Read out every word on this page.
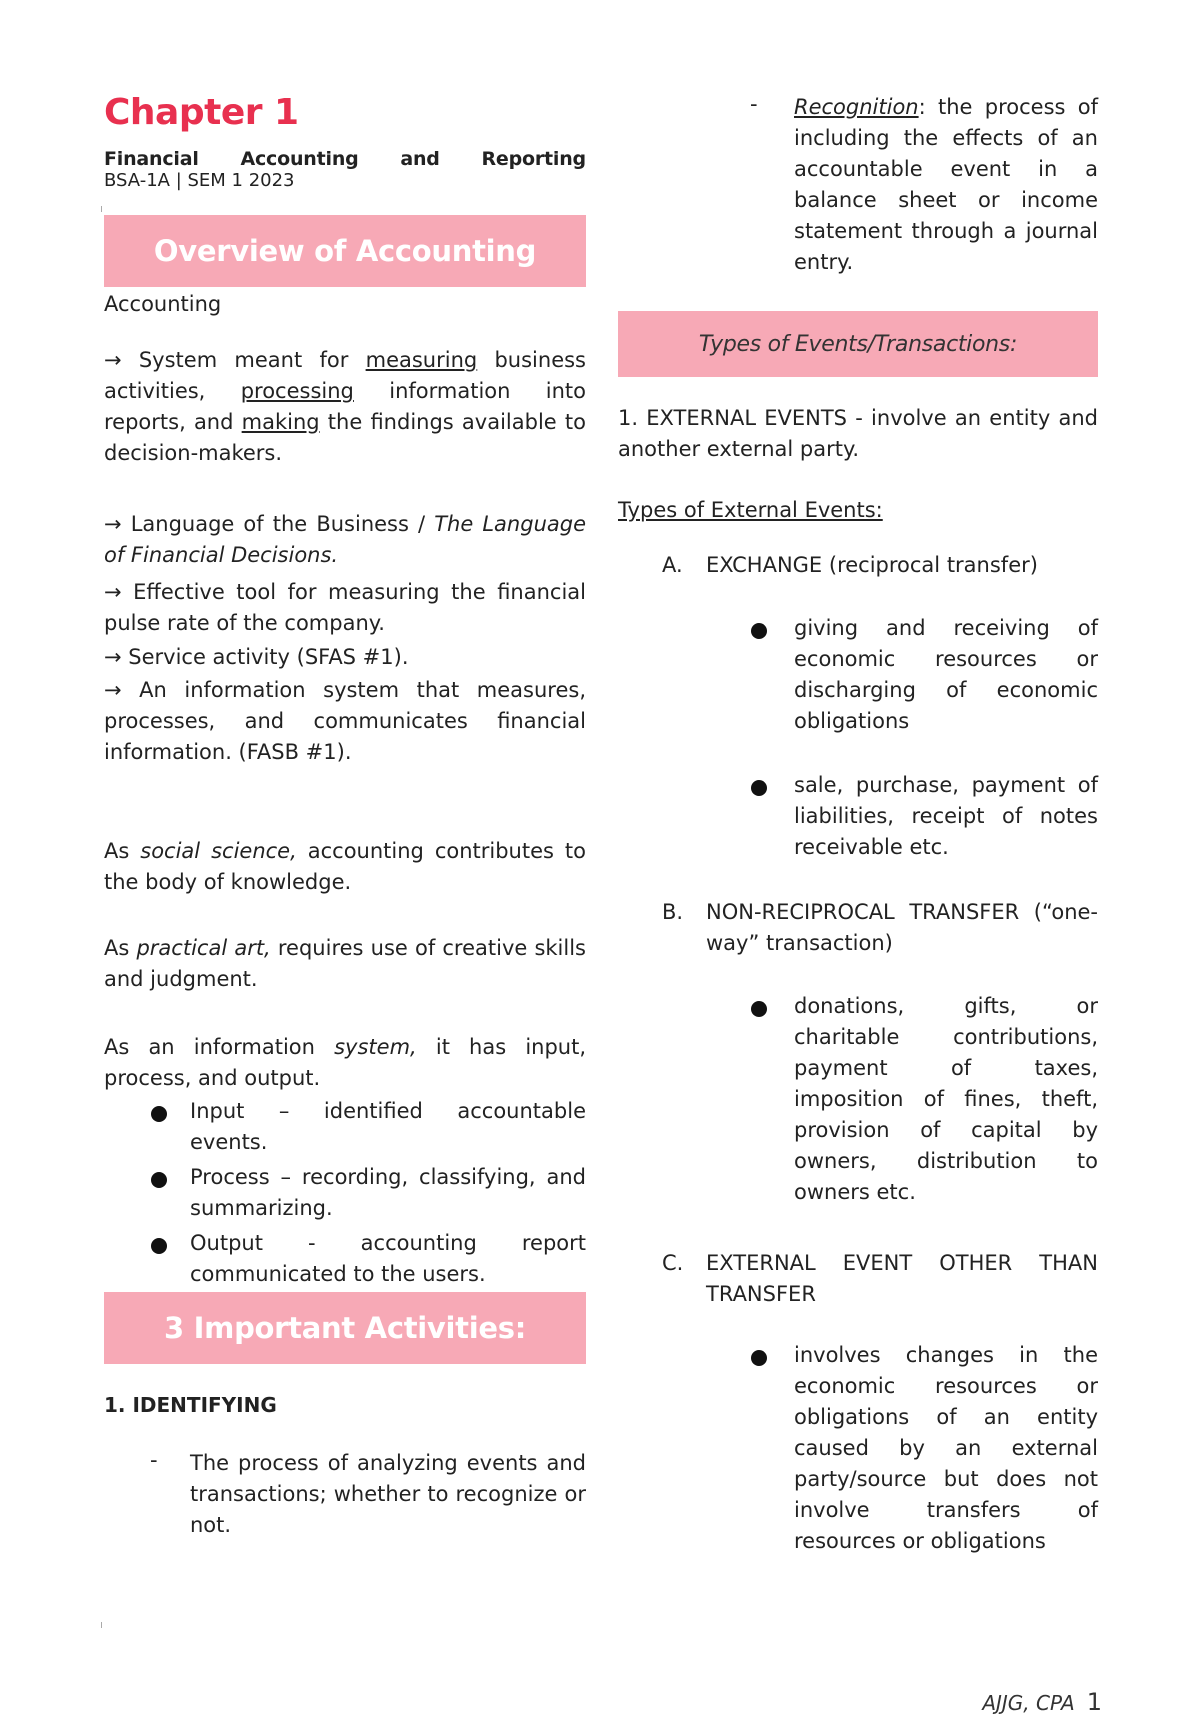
Chapter 1
Financial Accounting and Reporting
BSA-1A | SEM 1 2023
Overview of Accounting
Accounting
→ System meant for measuring business activities, processing information into reports, and making the findings available to decision-makers.
→ Language of the Business / The Language of Financial Decisions.
→ Effective tool for measuring the financial pulse rate of the company.
→ Service activity (SFAS #1).
→ An information system that measures, processes, and communicates financial information. (FASB #1).
As social science, accounting contributes to the body of knowledge.
As practical art, requires use of creative skills and judgment.
As an information system, it has input, process, and output.
Input – identified accountable events.
Process – recording, classifying, and summarizing.
Output - accounting report communicated to the users.
3 Important Activities:
1. IDENTIFYING
- The process of analyzing events and transactions; whether to recognize or not.
- Recognition: the process of including the effects of an accountable event in a balance sheet or income statement through a journal entry.
Types of Events/Transactions:
1. EXTERNAL EVENTS - involve an entity and another external party.
Types of External Events:
A. EXCHANGE (reciprocal transfer)
giving and receiving of economic resources or discharging of economic obligations
sale, purchase, payment of liabilities, receipt of notes receivable etc.
B. NON-RECIPROCAL TRANSFER (“one-way” transaction)
donations, gifts, or charitable contributions, payment of taxes, imposition of fines, theft, provision of capital by owners, distribution to owners etc.
C. EXTERNAL EVENT OTHER THAN TRANSFER
involves changes in the economic resources or obligations of an entity caused by an external party/source but does not involve transfers of resources or obligations
AJJG, CPA 1
